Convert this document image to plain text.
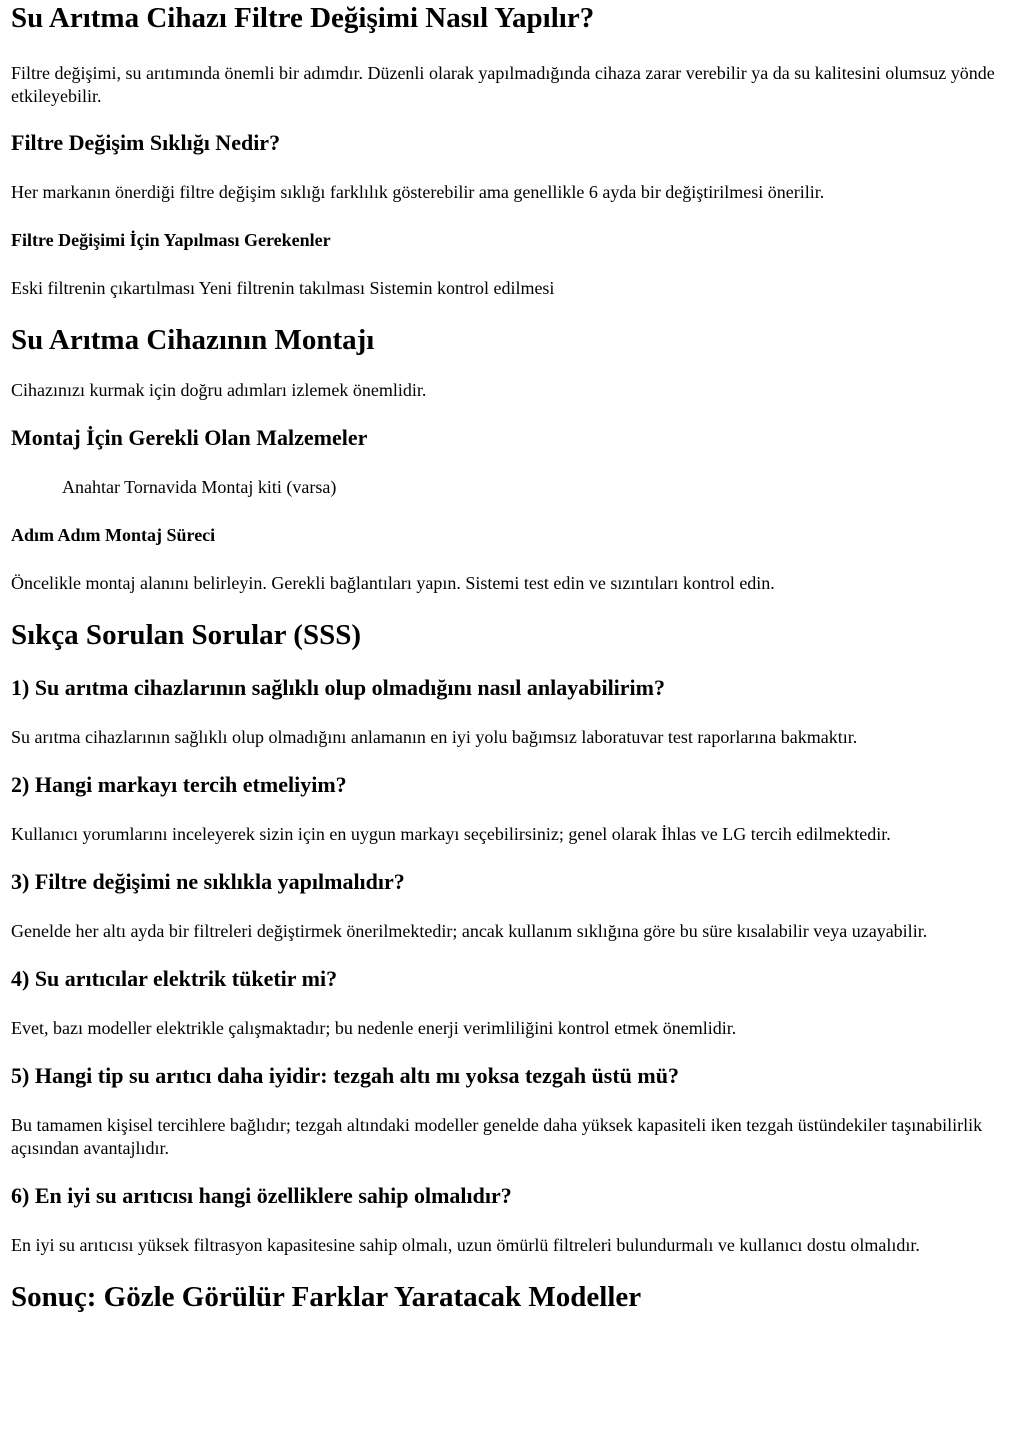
Su Arıtma Cihazı Filtre Değişimi Nasıl Yapılır?

Filtre değişimi, su arıtımında önemli bir adımdır. Düzenli olarak yapılmadığında cihaza zarar verebilir ya da su kalitesini olumsuz yönde etkileyebilir.

Filtre Değişim Sıklığı Nedir?

Her markanın önerdiği filtre değişim sıklığı farklılık gösterebilir ama genellikle 6 ayda bir değiştirilmesi önerilir.

Filtre Değişimi İçin Yapılması Gerekenler

Eski filtrenin çıkartılması Yeni filtrenin takılması Sistemin kontrol edilmesi

Su Arıtma Cihazının Montajı

Cihazınızı kurmak için doğru adımları izlemek önemlidir.

Montaj İçin Gerekli Olan Malzemeler

Anahtar Tornavida Montaj kiti (varsa)

Adım Adım Montaj Süreci

Öncelikle montaj alanını belirleyin. Gerekli bağlantıları yapın. Sistemi test edin ve sızıntıları kontrol edin.

Sıkça Sorulan Sorular (SSS)
1) Su arıtma cihazlarının sağlıklı olup olmadığını nasıl anlayabilirim?

Su arıtma cihazlarının sağlıklı olup olmadığını anlamanın en iyi yolu bağımsız laboratuvar test raporlarına bakmaktır.

2) Hangi markayı tercih etmeliyim?

Kullanıcı yorumlarını inceleyerek sizin için en uygun markayı seçebilirsiniz; genel olarak İhlas ve LG tercih edilmektedir.

3) Filtre değişimi ne sıklıkla yapılmalıdır?

Genelde her altı ayda bir filtreleri değiştirmek önerilmektedir; ancak kullanım sıklığına göre bu süre kısalabilir veya uzayabilir.

4) Su arıtıcılar elektrik tüketir mi?

Evet, bazı modeller elektrikle çalışmaktadır; bu nedenle enerji verimliliğini kontrol etmek önemlidir.

5) Hangi tip su arıtıcı daha iyidir: tezgah altı mı yoksa tezgah üstü mü?

Bu tamamen kişisel tercihlere bağlıdır; tezgah altındaki modeller genelde daha yüksek kapasiteli iken tezgah üstündekiler taşınabilirlik açısından avantajlıdır.

6) En iyi su arıtıcısı hangi özelliklere sahip olmalıdır?

En iyi su arıtıcısı yüksek filtrasyon kapasitesine sahip olmalı, uzun ömürlü filtreleri bulundurmalı ve kullanıcı dostu olmalıdır.

Sonuç: Gözle Görülür Farklar Yaratacak Modeller
